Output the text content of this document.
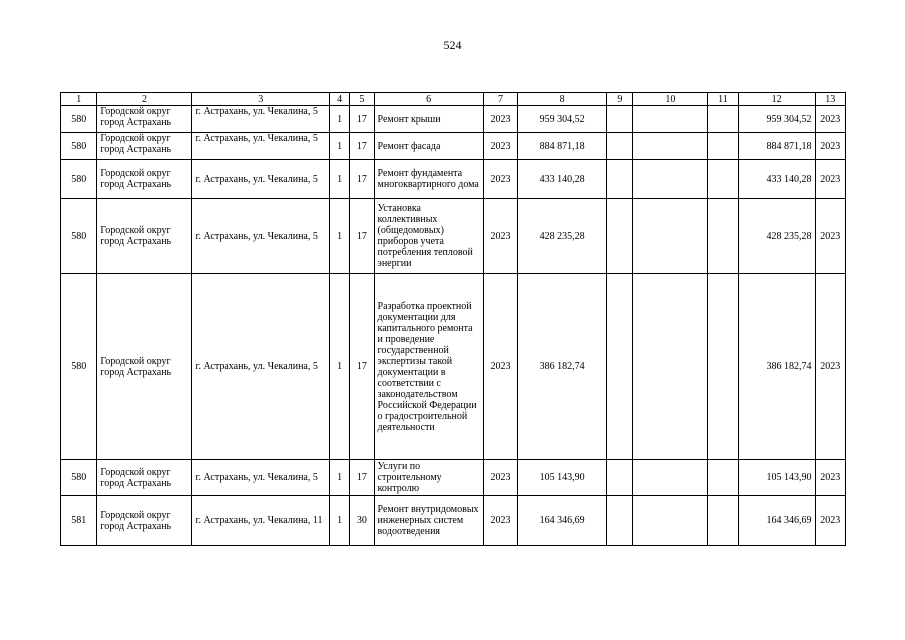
524
1	2	3	4	5	6	7	8	9	10	11	12	13
580	Городской округ город Астрахань	г. Астрахань, ул. Чекалина, 5	1	17	Ремонт крыши	2023	959 304,52				959 304,52	2023
580	Городской округ город Астрахань	г. Астрахань, ул. Чекалина, 5	1	17	Ремонт фасада	2023	884 871,18				884 871,18	2023
580	Городской округ город Астрахань	г. Астрахань, ул. Чекалина, 5	1	17	Ремонт фундамента многоквартирного дома	2023	433 140,28				433 140,28	2023
580	Городской округ город Астрахань	г. Астрахань, ул. Чекалина, 5	1	17	Установка коллективных (общедомовых) приборов учета потребления тепловой энергии	2023	428 235,28				428 235,28	2023
580	Городской округ город Астрахань	г. Астрахань, ул. Чекалина, 5	1	17	Разработка проектной документации для капитального ремонта и проведение государственной экспертизы такой документации в соответствии с законодательством Российской Федерации о градостроительной деятельности	2023	386 182,74				386 182,74	2023
580	Городской округ город Астрахань	г. Астрахань, ул. Чекалина, 5	1	17	Услуги по строительному контролю	2023	105 143,90				105 143,90	2023
581	Городской округ город Астрахань	г. Астрахань, ул. Чекалина, 11	1	30	Ремонт внутридомовых инженерных систем водоотведения	2023	164 346,69				164 346,69	2023
